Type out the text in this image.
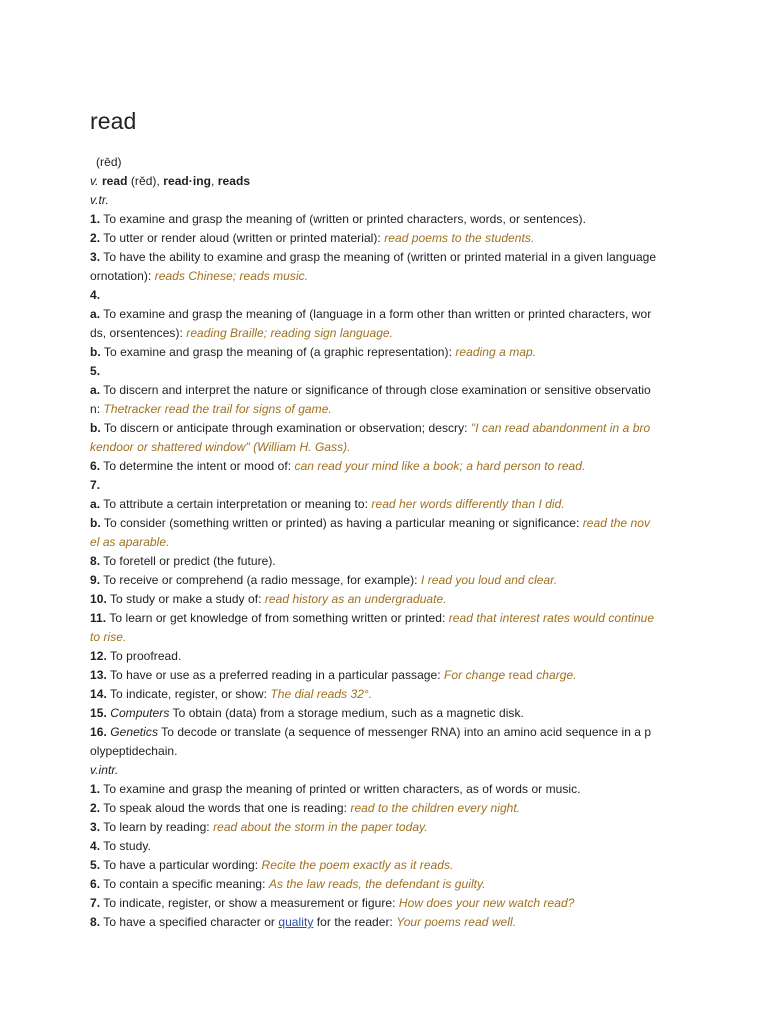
read
(rēd)
v. read (rĕd), read·ing, reads
v.tr.
1. To examine and grasp the meaning of (written or printed characters, words, or sentences).
2. To utter or render aloud (written or printed material): read poems to the students.
3. To have the ability to examine and grasp the meaning of (written or printed material in a given language
ornotation): reads Chinese; reads music.
4.
a. To examine and grasp the meaning of (language in a form other than written or printed characters, wor
ds, orsentences): reading Braille; reading sign language.
b. To examine and grasp the meaning of (a graphic representation): reading a map.
5.
a. To discern and interpret the nature or significance of through close examination or sensitive observatio
n: Thetracker read the trail for signs of game.
b. To discern or anticipate through examination or observation; descry: "I can read abandonment in a bro
kendoor or shattered window" (William H. Gass).
6. To determine the intent or mood of: can read your mind like a book; a hard person to read.
7.
a. To attribute a certain interpretation or meaning to: read her words differently than I did.
b. To consider (something written or printed) as having a particular meaning or significance: read the nov
el as aparable.
8. To foretell or predict (the future).
9. To receive or comprehend (a radio message, for example): I read you loud and clear.
10. To study or make a study of: read history as an undergraduate.
11. To learn or get knowledge of from something written or printed: read that interest rates would continue
to rise.
12. To proofread.
13. To have or use as a preferred reading in a particular passage: For change read charge.
14. To indicate, register, or show: The dial reads 32°.
15. Computers To obtain (data) from a storage medium, such as a magnetic disk.
16. Genetics To decode or translate (a sequence of messenger RNA) into an amino acid sequence in a p
olypeptidechain.
v.intr.
1. To examine and grasp the meaning of printed or written characters, as of words or music.
2. To speak aloud the words that one is reading: read to the children every night.
3. To learn by reading: read about the storm in the paper today.
4. To study.
5. To have a particular wording: Recite the poem exactly as it reads.
6. To contain a specific meaning: As the law reads, the defendant is guilty.
7. To indicate, register, or show a measurement or figure: How does your new watch read?
8. To have a specified character or quality for the reader: Your poems read well.
